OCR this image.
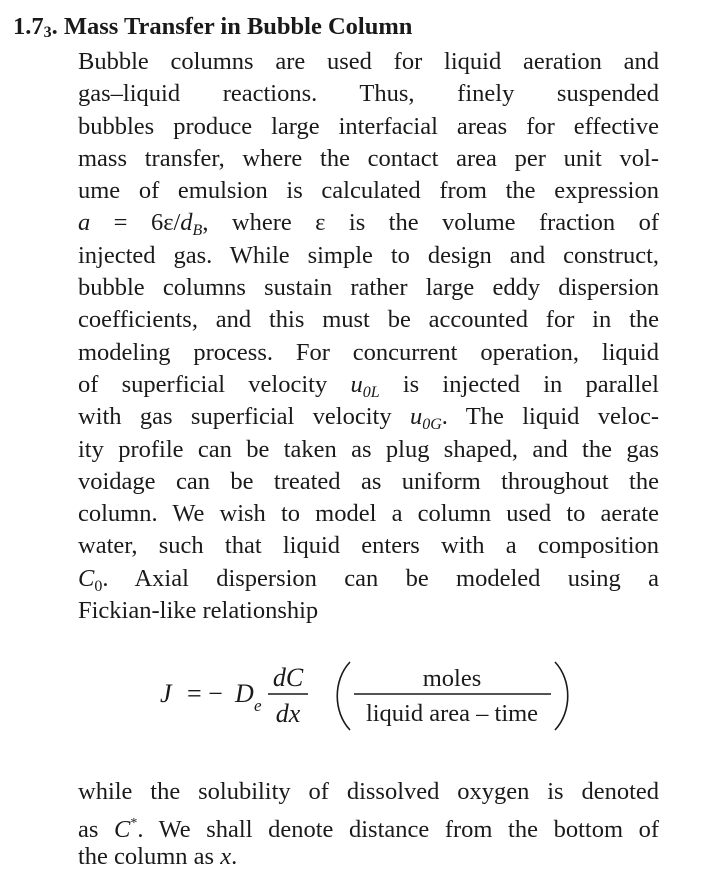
1.73. Mass Transfer in Bubble Column
Bubble columns are used for liquid aeration and
gas–liquid reactions. Thus, finely suspended
bubbles produce large interfacial areas for effective
mass transfer, where the contact area per unit vol-
ume of emulsion is calculated from the expression
$a = 6\varepsilon/d_B$, where ε is the volume fraction of
injected gas. While simple to design and construct,
bubble columns sustain rather large eddy dispersion
coefficients, and this must be accounted for in the
modeling process. For concurrent operation, liquid
of superficial velocity $u_{0L}$ is injected in parallel
with gas superficial velocity $u_{0G}$. The liquid veloc-
ity profile can be taken as plug shaped, and the gas
voidage can be treated as uniform throughout the
column. We wish to model a column used to aerate
water, such that liquid enters with a composition
$C_0$. Axial dispersion can be modeled using a
Fickian-like relationship
J = − D e
dC
dx
moles
liquid area – time
while the solubility of dissolved oxygen is denoted
as C*. We shall denote distance from the bottom of
the column as x.
